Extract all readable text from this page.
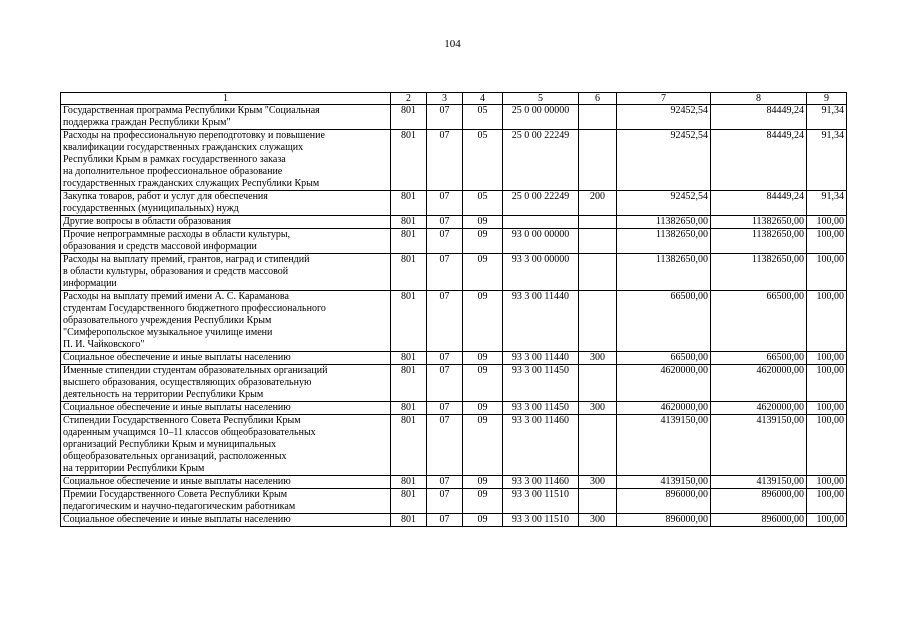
104
1	2	3	4	5	6	7	8	9

Государственная программа Республики Крым "Социальная
поддержка граждан Республики Крым"	801	07	05	25 0 00 00000		92452,54	84449,24	91,34

Расходы на профессиональную переподготовку и повышение
квалификации государственных гражданских служащих
Республики Крым в рамках государственного заказа
на дополнительное профессиональное образование
государственных гражданских служащих Республики Крым	801	07	05	25 0 00 22249		92452,54	84449,24	91,34

Закупка товаров, работ и услуг для обеспечения
государственных (муниципальных) нужд	801	07	05	25 0 00 22249	200	92452,54	84449,24	91,34

Другие вопросы в области образования	801	07	09			11382650,00	11382650,00	100,00

Прочие непрограммные расходы в области культуры,
образования и средств массовой информации	801	07	09	93 0 00 00000		11382650,00	11382650,00	100,00

Расходы на выплату премий, грантов, наград и стипендий
в области культуры, образования и средств массовой
информации	801	07	09	93 3 00 00000		11382650,00	11382650,00	100,00

Расходы на выплату премий имени А. С. Караманова
студентам Государственного бюджетного профессионального
образовательного учреждения Республики Крым
"Симферопольское музыкальное училище имени
П. И. Чайковского"	801	07	09	93 3 00 11440		66500,00	66500,00	100,00

Социальное обеспечение и иные выплаты населению	801	07	09	93 3 00 11440	300	66500,00	66500,00	100,00

Именные стипендии студентам образовательных организаций
высшего образования, осуществляющих образовательную
деятельность на территории Республики Крым	801	07	09	93 3 00 11450		4620000,00	4620000,00	100,00

Социальное обеспечение и иные выплаты населению	801	07	09	93 3 00 11450	300	4620000,00	4620000,00	100,00

Стипендии Государственного Совета Республики Крым
одаренным учащимся 10–11 классов общеобразовательных
организаций Республики Крым и муниципальных
общеобразовательных организаций, расположенных
на территории Республики Крым	801	07	09	93 3 00 11460		4139150,00	4139150,00	100,00

Социальное обеспечение и иные выплаты населению	801	07	09	93 3 00 11460	300	4139150,00	4139150,00	100,00

Премии Государственного Совета Республики Крым
педагогическим и научно-педагогическим работникам	801	07	09	93 3 00 11510		896000,00	896000,00	100,00

Социальное обеспечение и иные выплаты населению	801	07	09	93 3 00 11510	300	896000,00	896000,00	100,00
